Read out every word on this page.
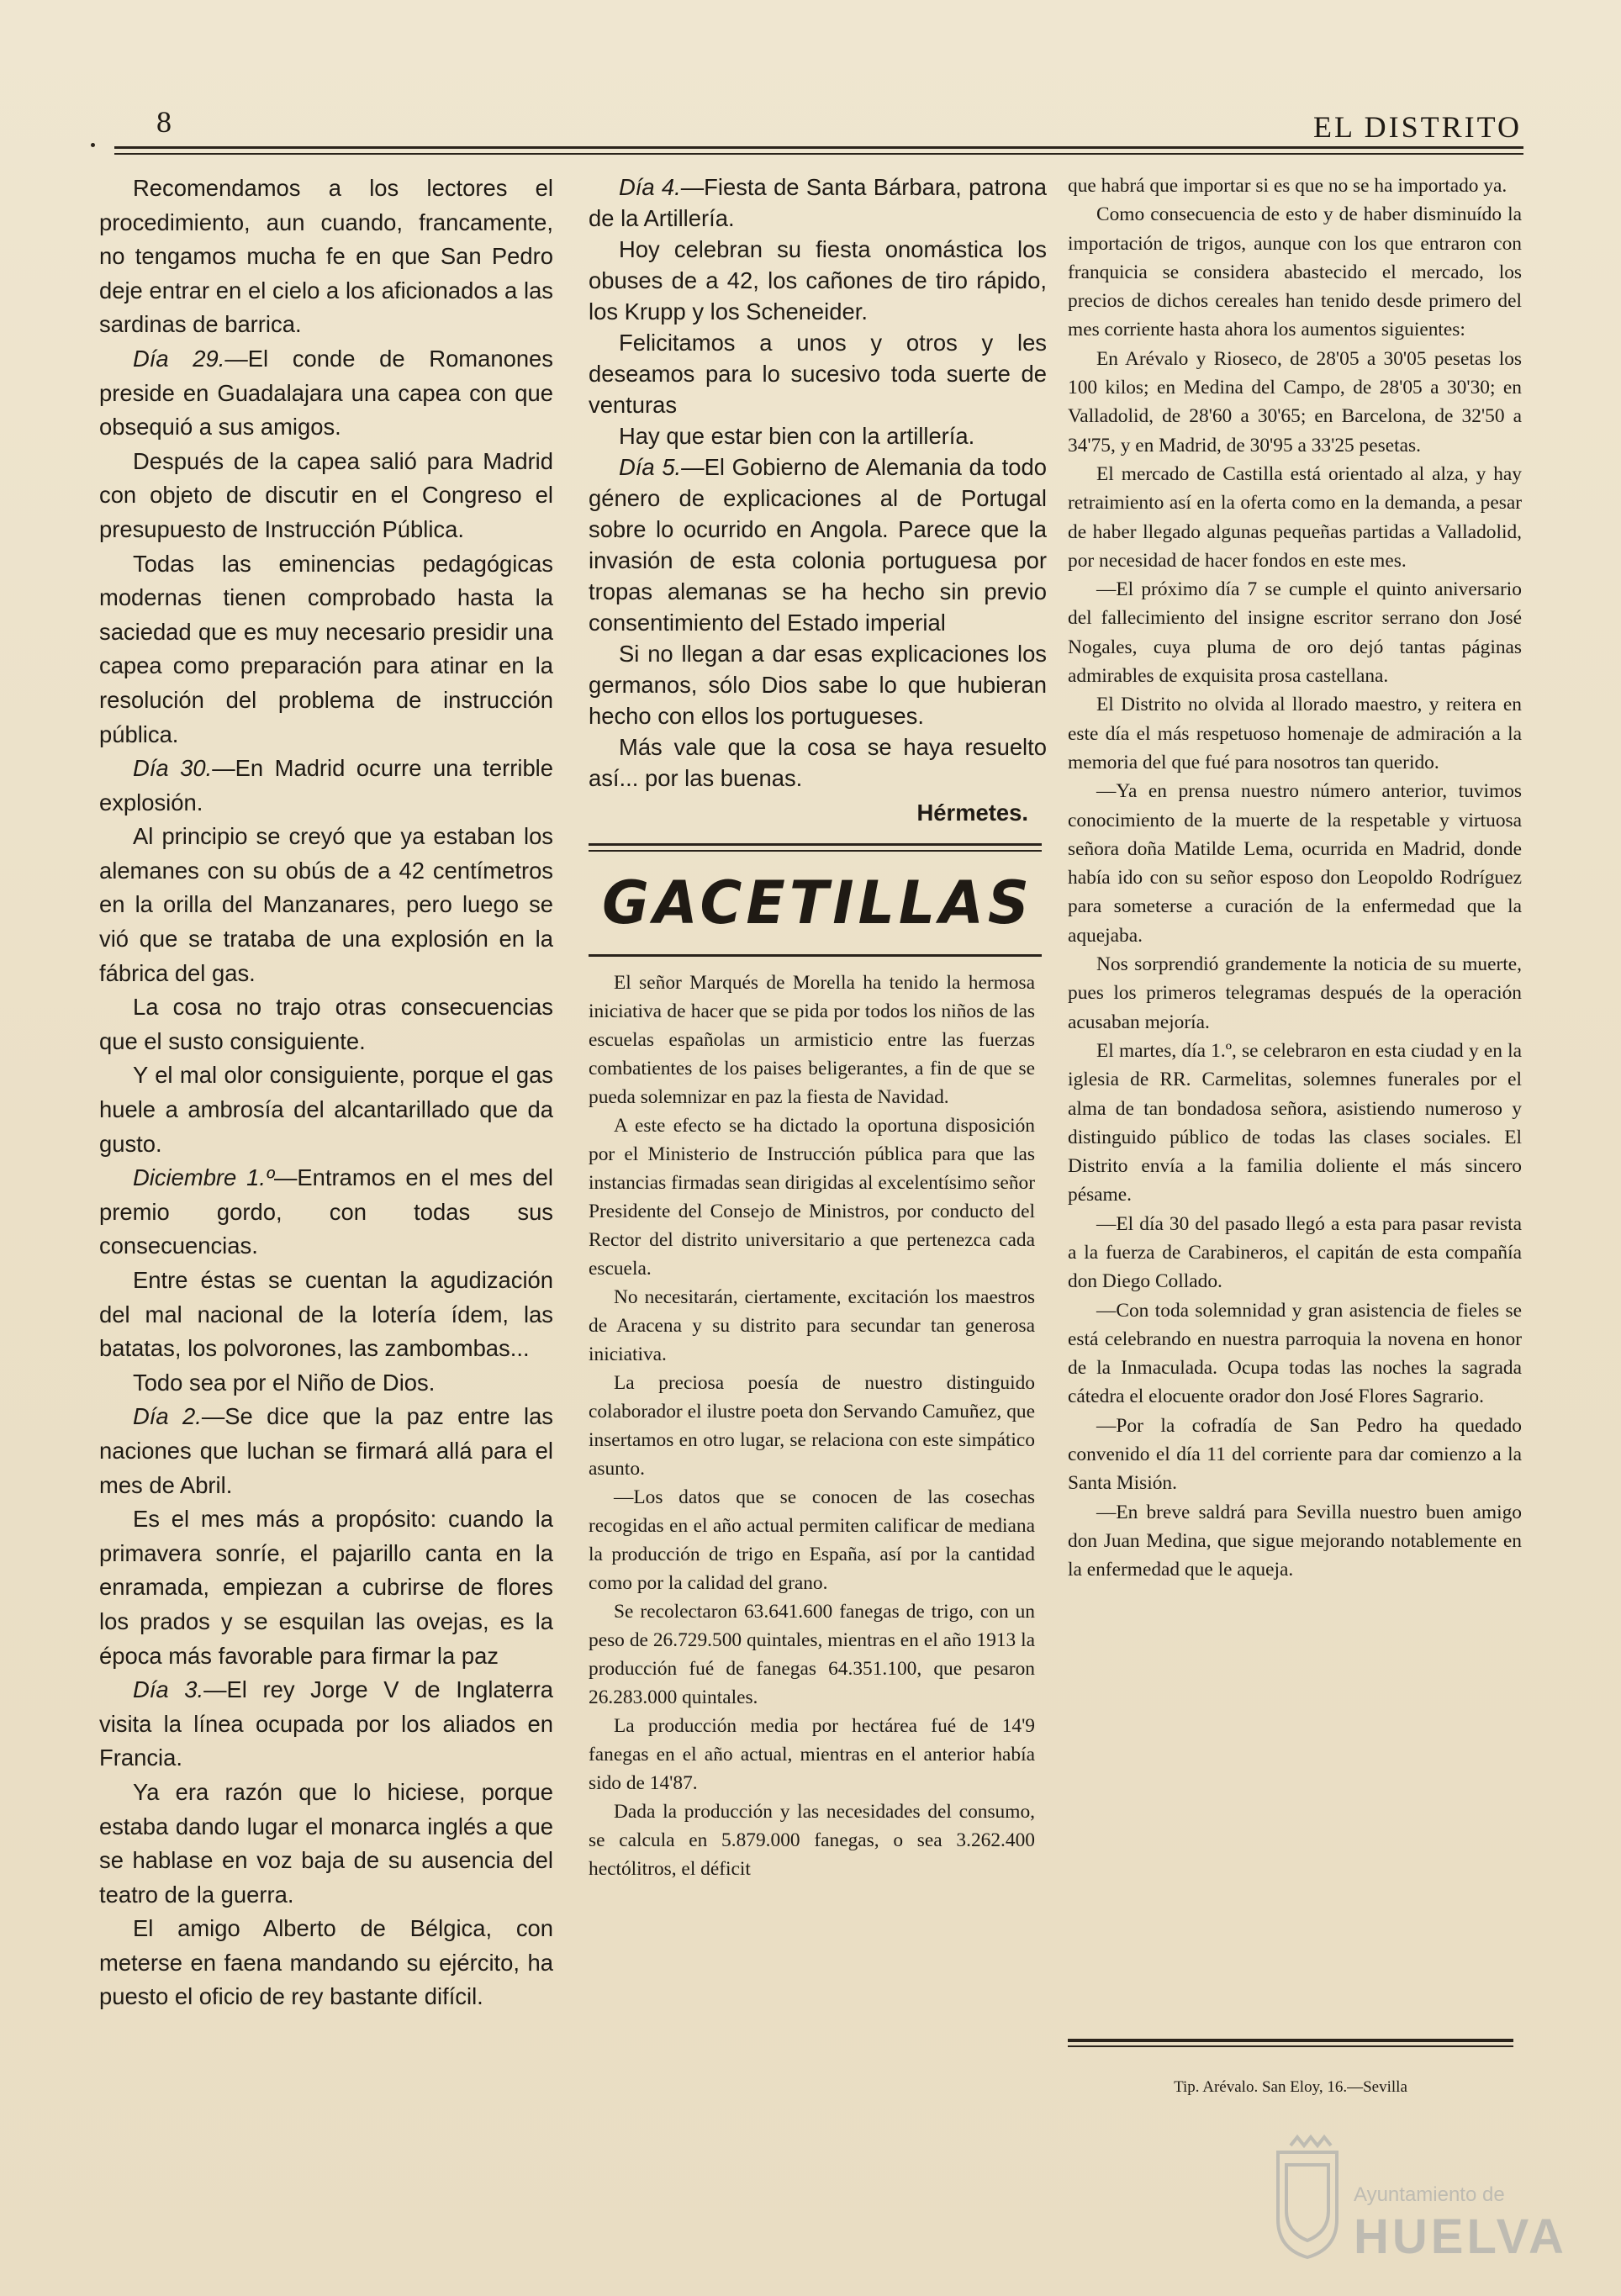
8	EL DISTRITO

Recomendamos a los lectores el procedimiento, aun cuando, francamente, no tengamos mucha fe en que San Pedro deje entrar en el cielo a los aficionados a las sardinas de barrica.

Día 29.—El conde de Romanones preside en Guadalajara una capea con que obsequió a sus amigos.

Después de la capea salió para Madrid con objeto de discutir en el Congreso el presupuesto de Instrucción Pública.

Todas las eminencias pedagógicas modernas tienen comprobado hasta la saciedad que es muy necesario presidir una capea como preparación para atinar en la resolución del problema de instrucción pública.

Día 30.—En Madrid ocurre una terrible explosión.

Al principio se creyó que ya estaban los alemanes con su obús de a 42 centímetros en la orilla del Manzanares, pero luego se vió que se trataba de una explosión en la fábrica del gas.

La cosa no trajo otras consecuencias que el susto consiguiente.

Y el mal olor consiguiente, porque el gas huele a ambrosía del alcantarillado que da gusto.

Diciembre 1.º—Entramos en el mes del premio gordo, con todas sus consecuencias.

Entre éstas se cuentan la agudización del mal nacional de la lotería ídem, las batatas, los polvorones, las zambombas...

Todo sea por el Niño de Dios.

Día 2.—Se dice que la paz entre las naciones que luchan se firmará allá para el mes de Abril.

Es el mes más a propósito: cuando la primavera sonríe, el pajarillo canta en la enramada, empiezan a cubrirse de flores los prados y se esquilan las ovejas, es la época más favorable para firmar la paz

Día 3.—El rey Jorge V de Inglaterra visita la línea ocupada por los aliados en Francia.

Ya era razón que lo hiciese, porque estaba dando lugar el monarca inglés a que se hablase en voz baja de su ausencia del teatro de la guerra.

El amigo Alberto de Bélgica, con meterse en faena mandando su ejército, ha puesto el oficio de rey bastante difícil.

Día 4.—Fiesta de Santa Bárbara, patrona de la Artillería.

Hoy celebran su fiesta onomástica los obuses de a 42, los cañones de tiro rápido, los Krupp y los Scheneider.

Felicitamos a unos y otros y les deseamos para lo sucesivo toda suerte de venturas

Hay que estar bien con la artillería.

Día 5.—El Gobierno de Alemania da todo género de explicaciones al de Portugal sobre lo ocurrido en Angola. Parece que la invasión de esta colonia portuguesa por tropas alemanas se ha hecho sin previo consentimiento del Estado imperial

Si no llegan a dar esas explicaciones los germanos, sólo Dios sabe lo que hubieran hecho con ellos los portugueses.

Más vale que la cosa se haya resuelto así... por las buenas.

Hérmetes.
GACETILLAS

El señor Marqués de Morella ha tenido la hermosa iniciativa de hacer que se pida por todos los niños de las escuelas españolas un armisticio entre las fuerzas combatientes de los paises beligerantes, a fin de que se pueda solemnizar en paz la fiesta de Navidad.

A este efecto se ha dictado la oportuna disposición por el Ministerio de Instrucción pública para que las instancias firmadas sean dirigidas al excelentísimo señor Presidente del Consejo de Ministros, por conducto del Rector del distrito universitario a que pertenezca cada escuela.

No necesitarán, ciertamente, excitación los maestros de Aracena y su distrito para secundar tan generosa iniciativa.

La preciosa poesía de nuestro distinguido colaborador el ilustre poeta don Servando Camuñez, que insertamos en otro lugar, se relaciona con este simpático asunto.

—Los datos que se conocen de las cosechas recogidas en el año actual permiten calificar de mediana la producción de trigo en España, así por la cantidad como por la calidad del grano.

Se recolectaron 63.641.600 fanegas de trigo, con un peso de 26.729.500 quintales, mientras en el año 1913 la producción fué de fanegas 64.351.100, que pesaron 26.283.000 quintales.

La producción media por hectárea fué de 14'9 fanegas en el año actual, mientras en el anterior había sido de 14'87.

Dada la producción y las necesidades del consumo, se calcula en 5.879.000 fanegas, o sea 3.262.400 hectólitros, el déficit

que habrá que importar si es que no se ha importado ya.

Como consecuencia de esto y de haber disminuído la importación de trigos, aunque con los que entraron con franquicia se considera abastecido el mercado, los precios de dichos cereales han tenido desde primero del mes corriente hasta ahora los aumentos siguientes:

En Arévalo y Rioseco, de 28'05 a 30'05 pesetas los 100 kilos; en Medina del Campo, de 28'05 a 30'30; en Valladolid, de 28'60 a 30'65; en Barcelona, de 32'50 a 34'75, y en Madrid, de 30'95 a 33'25 pesetas.

El mercado de Castilla está orientado al alza, y hay retraimiento así en la oferta como en la demanda, a pesar de haber llegado algunas pequeñas partidas a Valladolid, por necesidad de hacer fondos en este mes.

—El próximo día 7 se cumple el quinto aniversario del fallecimiento del insigne escritor serrano don José Nogales, cuya pluma de oro dejó tantas páginas admirables de exquisita prosa castellana.

El Distrito no olvida al llorado maestro, y reitera en este día el más respetuoso homenaje de admiración a la memoria del que fué para nosotros tan querido.

—Ya en prensa nuestro número anterior, tuvimos conocimiento de la muerte de la respetable y virtuosa señora doña Matilde Lema, ocurrida en Madrid, donde había ido con su señor esposo don Leopoldo Rodríguez para someterse a curación de la enfermedad que la aquejaba.

Nos sorprendió grandemente la noticia de su muerte, pues los primeros telegramas después de la operación acusaban mejoría.

El martes, día 1.º, se celebraron en esta ciudad y en la iglesia de RR. Carmelitas, solemnes funerales por el alma de tan bondadosa señora, asistiendo numeroso y distinguido público de todas las clases sociales. El Distrito envía a la familia doliente el más sincero pésame.

—El día 30 del pasado llegó a esta para pasar revista a la fuerza de Carabineros, el capitán de esta compañía don Diego Collado.

—Con toda solemnidad y gran asistencia de fieles se está celebrando en nuestra parroquia la novena en honor de la Inmaculada. Ocupa todas las noches la sagrada cátedra el elocuente orador don José Flores Sagrario.

—Por la cofradía de San Pedro ha quedado convenido el día 11 del corriente para dar comienzo a la Santa Misión.

—En breve saldrá para Sevilla nuestro buen amigo don Juan Medina, que sigue mejorando notablemente en la enfermedad que le aqueja.

Tip. Arévalo. San Eloy, 16.—Sevilla
Ayuntamiento de
HUELVA
